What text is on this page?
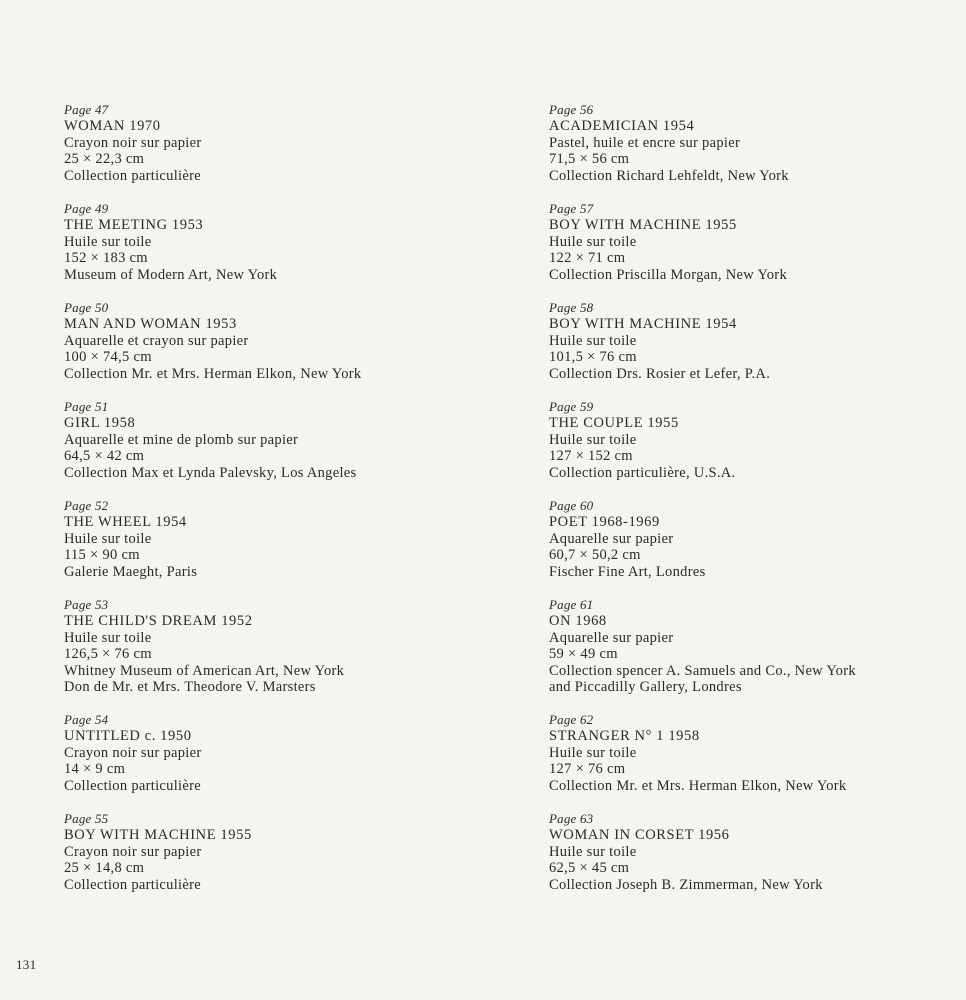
Page 47
WOMAN 1970
Crayon noir sur papier
25 × 22,3 cm
Collection particulière
Page 49
THE MEETING 1953
Huile sur toile
152 × 183 cm
Museum of Modern Art, New York
Page 50
MAN AND WOMAN 1953
Aquarelle et crayon sur papier
100 × 74,5 cm
Collection Mr. et Mrs. Herman Elkon, New York
Page 51
GIRL 1958
Aquarelle et mine de plomb sur papier
64,5 × 42 cm
Collection Max et Lynda Palevsky, Los Angeles
Page 52
THE WHEEL 1954
Huile sur toile
115 × 90 cm
Galerie Maeght, Paris
Page 53
THE CHILD'S DREAM 1952
Huile sur toile
126,5 × 76 cm
Whitney Museum of American Art, New York
Don de Mr. et Mrs. Theodore V. Marsters
Page 54
UNTITLED c. 1950
Crayon noir sur papier
14 × 9 cm
Collection particulière
Page 55
BOY WITH MACHINE 1955
Crayon noir sur papier
25 × 14,8 cm
Collection particulière
Page 56
ACADEMICIAN 1954
Pastel, huile et encre sur papier
71,5 × 56 cm
Collection Richard Lehfeldt, New York
Page 57
BOY WITH MACHINE 1955
Huile sur toile
122 × 71 cm
Collection Priscilla Morgan, New York
Page 58
BOY WITH MACHINE 1954
Huile sur toile
101,5 × 76 cm
Collection Drs. Rosier et Lefer, P.A.
Page 59
THE COUPLE 1955
Huile sur toile
127 × 152 cm
Collection particulière, U.S.A.
Page 60
POET 1968-1969
Aquarelle sur papier
60,7 × 50,2 cm
Fischer Fine Art, Londres
Page 61
ON 1968
Aquarelle sur papier
59 × 49 cm
Collection spencer A. Samuels and Co., New York
and Piccadilly Gallery, Londres
Page 62
STRANGER N° 1 1958
Huile sur toile
127 × 76 cm
Collection Mr. et Mrs. Herman Elkon, New York
Page 63
WOMAN IN CORSET 1956
Huile sur toile
62,5 × 45 cm
Collection Joseph B. Zimmerman, New York
131
